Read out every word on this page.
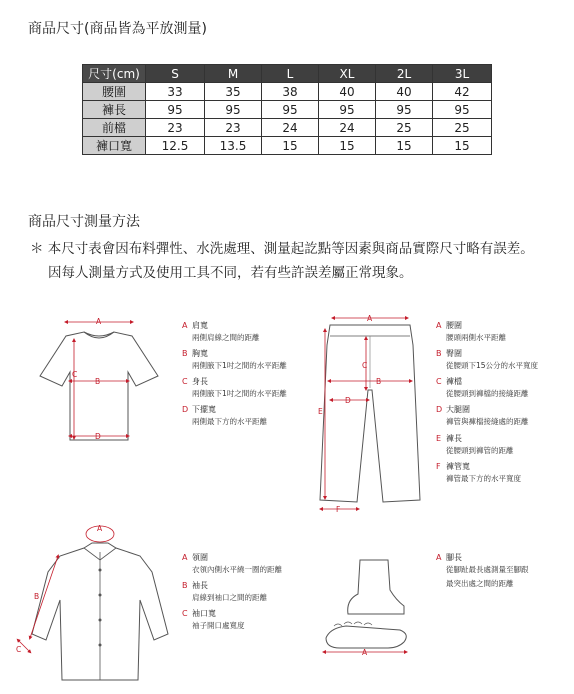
商品尺寸(商品皆為平放測量)
尺寸(cm)	S	M	L	XL	2L	3L
腰圍	33	35	38	40	40	42
褲長	95	95	95	95	95	95
前檔	23	23	24	24	25	25
褲口寬	12.5	13.5	15	15	15	15
商品尺寸測量方法
＊ 本尺寸表會因布料彈性、水洗處理、測量起訖點等因素與商品實際尺寸略有誤差。
因每人測量方式及使用工具不同，若有些許誤差屬正常現象。
A
B
C
D
A 肩寬
兩側肩線之間的距離
B 胸寬
兩側腋下1吋之間的水平距離
C 身長
兩側腋下1吋之間的水平距離
D 下擺寬
兩側最下方的水平距離
A
B
C
D
E
F
A 腰圍
腰頭兩側水平距離
B 臀圍
從腰頭下15公分的水平寬度
C 褲檔
從腰頭到褲檔的接縫距離
D 大腿圍
褲管與褲檔接縫處的距離
E 褲長
從腰頭到褲管的距離
F 褲管寬
褲管最下方的水平寬度
A
B
C
A 領圍
衣領內側水平繞一圈的距離
B 袖長
肩線到袖口之間的距離
C 袖口寬
袖子開口處寬度
A
A 腳長
從腳趾最長處測量至腳跟
最突出處之間的距離
